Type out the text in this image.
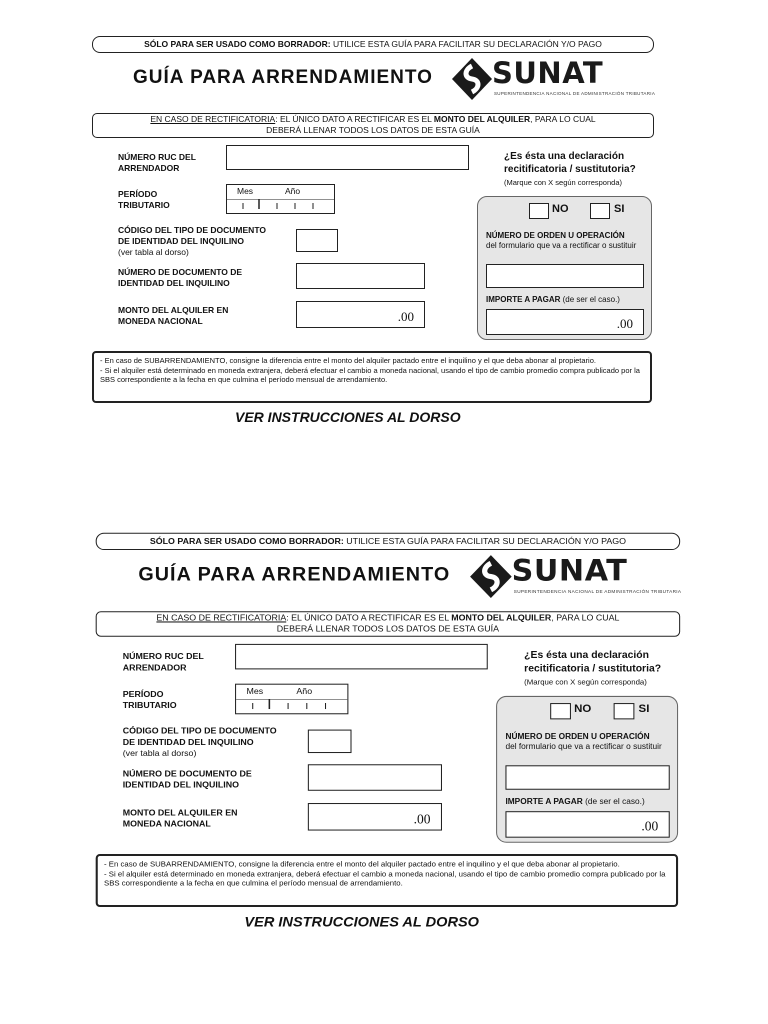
SÓLO PARA SER USADO COMO BORRADOR: UTILICE ESTA GUÍA PARA FACILITAR SU DECLARACIÓN Y/O PAGO
GUÍA PARA ARRENDAMIENTO SUNAT
SUPERINTENDENCIA NACIONAL DE ADMINISTRACIÓN TRIBUTARIA
EN CASO DE RECTIFICATORIA: EL ÚNICO DATO A RECTIFICAR ES EL MONTO DEL ALQUILER, PARA LO CUAL
DEBERÁ LLENAR TODOS LOS DATOS DE ESTA GUÍA
NÚMERO RUC DEL
ARRENDADOR
PERÍODO
TRIBUTARIO
Mes	Año
CÓDIGO DEL TIPO DE DOCUMENTO
DE IDENTIDAD DEL INQUILINO
(ver tabla al dorso)
NÚMERO DE DOCUMENTO DE
IDENTIDAD DEL INQUILINO
MONTO DEL ALQUILER EN
MONEDA NACIONAL	.00
¿Es ésta una declaración
recitificatoria / sustitutoria?
(Marque con X según corresponda)
NO	SI
NÚMERO DE ORDEN U OPERACIÓN
del formulario que va a rectificar o sustituir
IMPORTE A PAGAR (de ser el caso.)
.00
- En caso de SUBARRENDAMIENTO, consigne la diferencia entre el monto del alquiler pactado entre el inquilino y el que deba abonar al propietario.
- Si el alquiler está determinado en moneda extranjera, deberá efectuar el cambio a moneda nacional, usando el tipo de cambio promedio compra publicado por la SBS correspondiente a la fecha en que culmina el período mensual de arrendamiento.
VER INSTRUCCIONES AL DORSO
SÓLO PARA SER USADO COMO BORRADOR: UTILICE ESTA GUÍA PARA FACILITAR SU DECLARACIÓN Y/O PAGO
GUÍA PARA ARRENDAMIENTO SUNAT
SUPERINTENDENCIA NACIONAL DE ADMINISTRACIÓN TRIBUTARIA
EN CASO DE RECTIFICATORIA: EL ÚNICO DATO A RECTIFICAR ES EL MONTO DEL ALQUILER, PARA LO CUAL
DEBERÁ LLENAR TODOS LOS DATOS DE ESTA GUÍA
NÚMERO RUC DEL
ARRENDADOR
PERÍODO
TRIBUTARIO
Mes	Año
CÓDIGO DEL TIPO DE DOCUMENTO
DE IDENTIDAD DEL INQUILINO
(ver tabla al dorso)
NÚMERO DE DOCUMENTO DE
IDENTIDAD DEL INQUILINO
MONTO DEL ALQUILER EN
MONEDA NACIONAL	.00
¿Es ésta una declaración
recitificatoria / sustitutoria?
(Marque con X según corresponda)
NO	SI
NÚMERO DE ORDEN U OPERACIÓN
del formulario que va a rectificar o sustituir
IMPORTE A PAGAR (de ser el caso.)
.00
- En caso de SUBARRENDAMIENTO, consigne la diferencia entre el monto del alquiler pactado entre el inquilino y el que deba abonar al propietario.
- Si el alquiler está determinado en moneda extranjera, deberá efectuar el cambio a moneda nacional, usando el tipo de cambio promedio compra publicado por la SBS correspondiente a la fecha en que culmina el período mensual de arrendamiento.
VER INSTRUCCIONES AL DORSO
